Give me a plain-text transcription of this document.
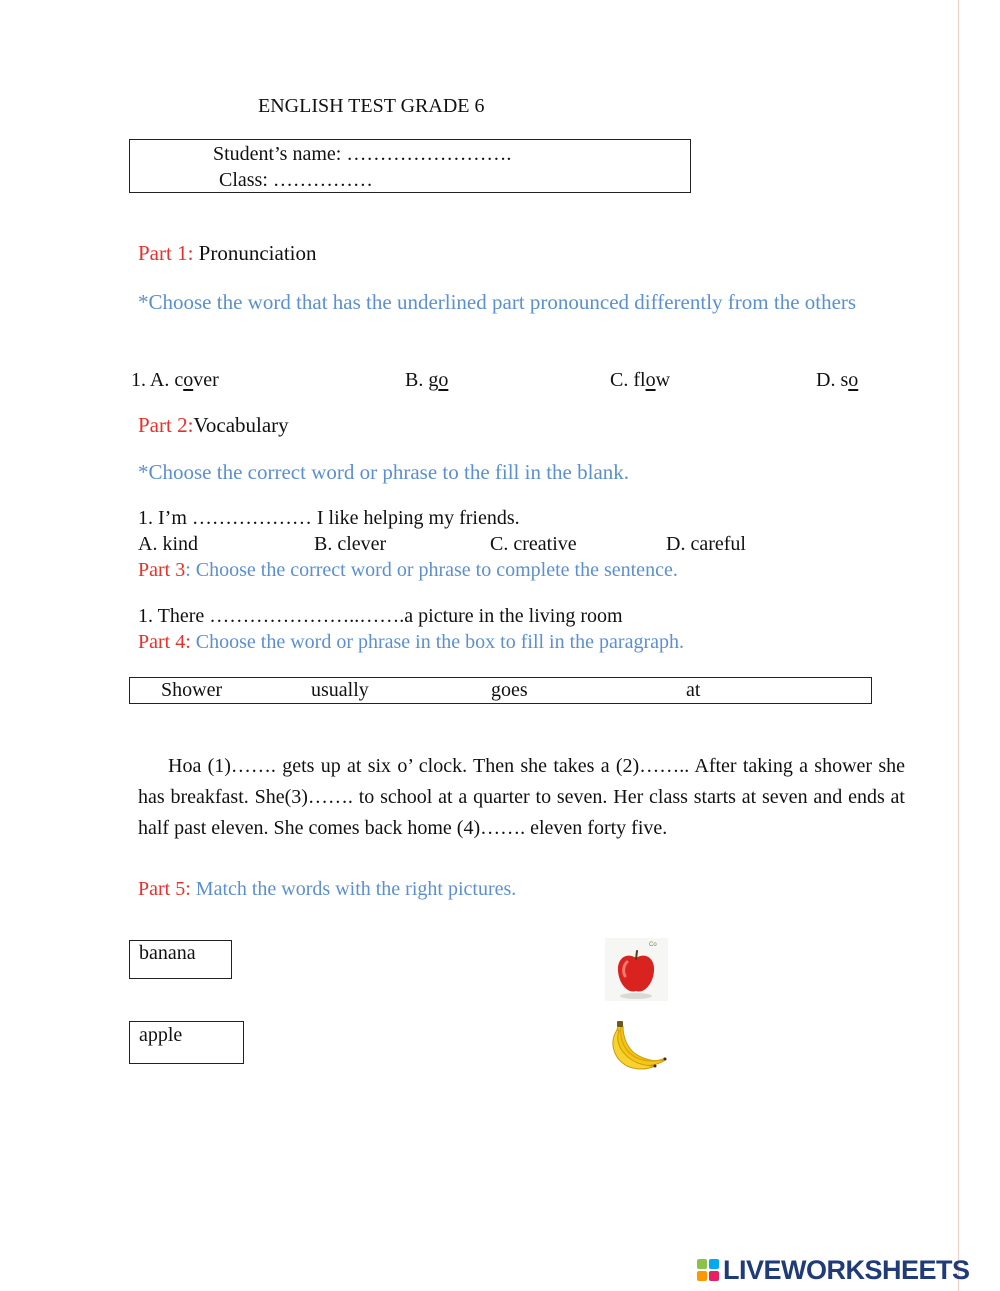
ENGLISH TEST GRADE 6
Student’s name: …………………….
Class: ……………
Part 1: Pronunciation
*Choose the word that has the underlined part pronounced differently from the others
1. A. cover	B. go	C. flow	D. so
Part 2:Vocabulary
*Choose the correct word or phrase to the fill in the blank.
1. I’m ……………… I like helping my friends.
A. kind	B. clever	C. creative	D. careful
Part 3: Choose the correct word or phrase to complete the sentence.
1. There …………………..…….a picture in the living room
Part 4: Choose the word or phrase in the box to fill in the paragraph.
Shower	usually	goes	at
Hoa (1)……. gets up at six o’ clock. Then she takes a (2)…….. After taking a shower she has breakfast. She(3)……. to school at a quarter to seven. Her class starts at seven and ends at half past eleven. She comes back home (4)……. eleven forty five.
Part 5: Match the words with the right pictures.
banana
apple
Co
LIVEWORKSHEETS
